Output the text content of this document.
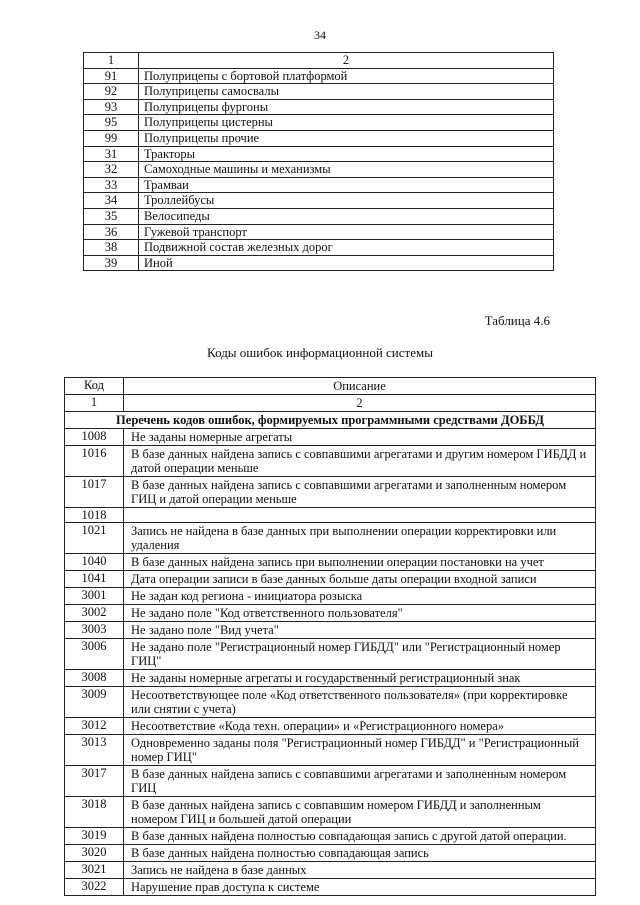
34
1	2
91	Полуприцепы с бортовой платформой
92	Полуприцепы самосвалы
93	Полуприцепы фургоны
95	Полуприцепы цистерны
99	Полуприцепы прочие
31	Тракторы
32	Самоходные машины и механизмы
33	Трамваи
34	Троллейбусы
35	Велосипеды
36	Гужевой транспорт
38	Подвижной состав железных дорог
39	Иной
Таблица 4.6
Коды ошибок информационной системы
Код	Описание
1	2
Перечень кодов ошибок, формируемых программными средствами ДОББД	
1008	Не заданы номерные агрегаты
1016	В базе данных найдена запись с совпавшими агрегатами и другим номером ГИБДД и датой операции меньше
1017	В базе данных найдена запись с совпавшими агрегатами и заполненным номером ГИЦ и датой операции меньше
1018	
1021	Запись не найдена в базе данных при выполнении операции корректировки или удаления
1040	В базе данных найдена запись при выполнении операции постановки на учет
1041	Дата операции записи в базе данных больше даты операции входной записи
3001	Не задан код региона - инициатора розыска
3002	Не задано поле "Код ответственного пользователя"
3003	Не задано поле "Вид учета"
3006	Не задано поле "Регистрационный номер ГИБДД" или "Регистрационный номер ГИЦ"
3008	Не заданы номерные агрегаты и государственный регистрационный знак
3009	Несоответствующее поле «Код ответственного пользователя» (при корректировке или снятии с учета)
3012	Несоответствие «Кода техн. операции» и «Регистрационного номера»
3013	Одновременно заданы поля "Регистрационный номер ГИБДД" и "Регистрационный номер ГИЦ"
3017	В базе данных найдена запись с совпавшими агрегатами и заполненным номером ГИЦ
3018	В базе данных найдена запись с совпавшим номером ГИБДД и заполненным номером ГИЦ и большей датой операции
3019	В базе данных найдена полностью совпадающая запись с другой датой операции.
3020	В базе данных найдена полностью совпадающая запись
3021	Запись не найдена в базе данных
3022	Нарушение прав доступа к системе
